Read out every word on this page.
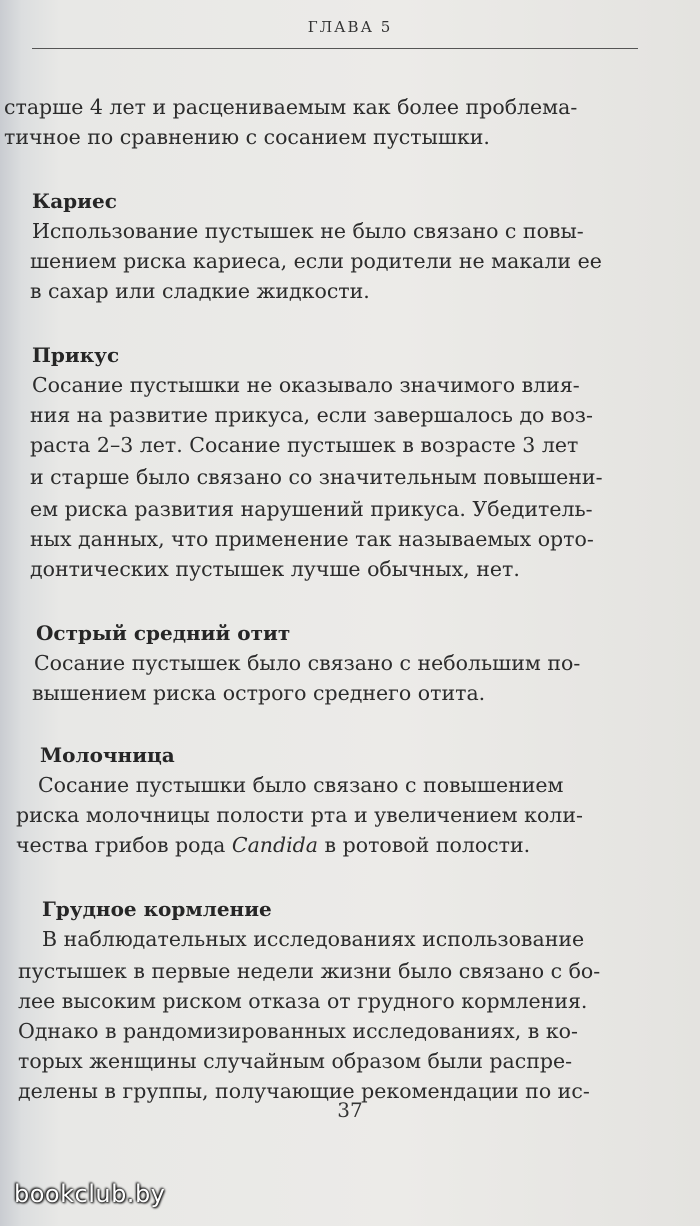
ГЛАВА 5
старше 4 лет и расцениваемым как более проблема-
тичное по сравнению с сосанием пустышки.
Кариес
Использование пустышек не было связано с повы-
шением риска кариеса, если родители не макали ее
в сахар или сладкие жидкости.
Прикус
Сосание пустышки не оказывало значимого влия-
ния на развитие прикуса, если завершалось до воз-
раста 2–3 лет. Сосание пустышек в возрасте 3 лет
и старше было связано со значительным повышени-
ем риска развития нарушений прикуса. Убедитель-
ных данных, что применение так называемых орто-
донтических пустышек лучше обычных, нет.
Острый средний отит
Сосание пустышек было связано с небольшим по-
вышением риска острого среднего отита.
Молочница
Сосание пустышки было связано с повышением
риска молочницы полости рта и увеличением коли-
чества грибов рода Candida в ротовой полости.
Грудное кормление
В наблюдательных исследованиях использование
пустышек в первые недели жизни было связано с бо-
лее высоким риском отказа от грудного кормления.
Однако в рандомизированных исследованиях, в ко-
торых женщины случайным образом были распре-
делены в группы, получающие рекомендации по ис-
37
bookclub.by
